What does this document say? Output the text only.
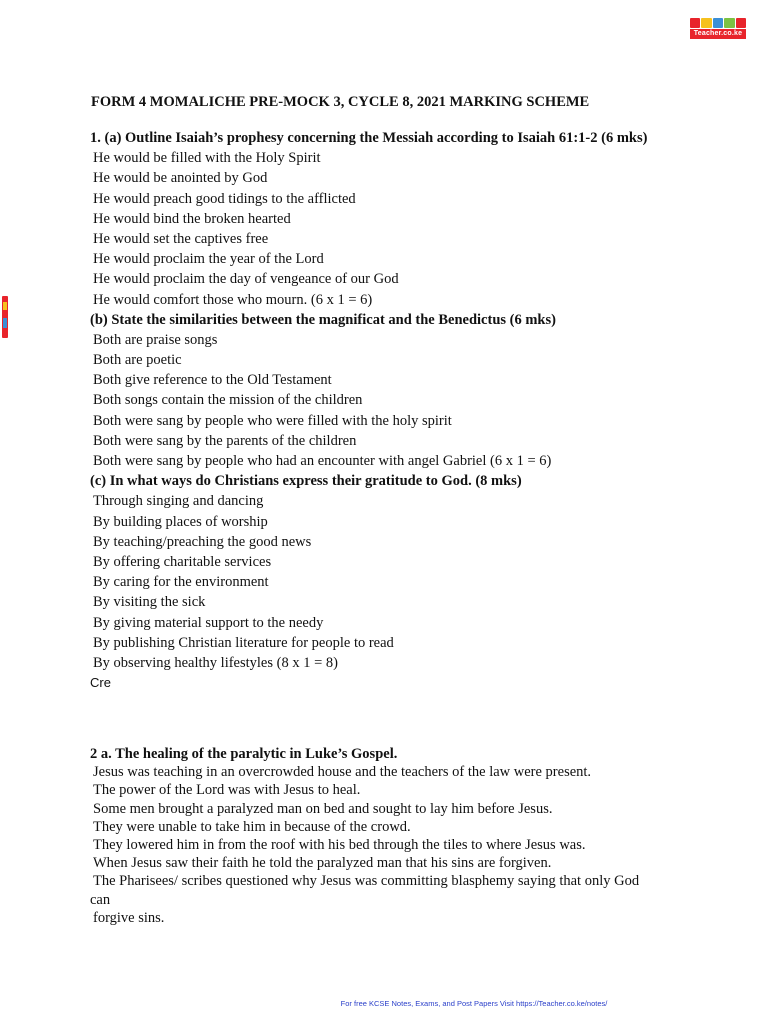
Teacher.co.ke
FORM 4 MOMALICHE PRE-MOCK 3, CYCLE 8, 2021 MARKING SCHEME
1. (a) Outline Isaiah’s prophesy concerning the Messiah according to Isaiah 61:1-2 (6 mks)
He would be filled with the Holy Spirit
He would be anointed by God
He would preach good tidings to the afflicted
He would bind the broken hearted
He would set the captives free
He would proclaim the year of the Lord
He would proclaim the day of vengeance of our God
He would comfort those who mourn. (6 x 1 = 6)
(b) State the similarities between the magnificat and the Benedictus (6 mks)
Both are praise songs
Both are poetic
Both give reference to the Old Testament
Both songs contain the mission of the children
Both were sang by people who were filled with the holy spirit
Both were sang by the parents of the children
Both were sang by people who had an encounter with angel Gabriel (6 x 1 = 6)
(c) In what ways do Christians express their gratitude to God. (8 mks)
Through singing and dancing
By building places of worship
By teaching/preaching the good news
By offering charitable services
By caring for the environment
By visiting the sick
By giving material support to the needy
By publishing Christian literature for people to read
By observing healthy lifestyles (8 x 1 = 8)
Cre
2 a. The healing of the paralytic in Luke’s Gospel.
Jesus was teaching in an overcrowded house and the teachers of the law were present.
The power of the Lord was with Jesus to heal.
Some men brought a paralyzed man on bed and sought to lay him before Jesus.
They were unable to take him in because of the crowd.
They lowered him in from the roof with his bed through the tiles to where Jesus was.
When Jesus saw their faith he told the paralyzed man that his sins are forgiven.
The Pharisees/ scribes questioned why Jesus was committing blasphemy saying that only God
can
forgive sins.
For free KCSE Notes, Exams, and Post Papers Visit https://Teacher.co.ke/notes/
